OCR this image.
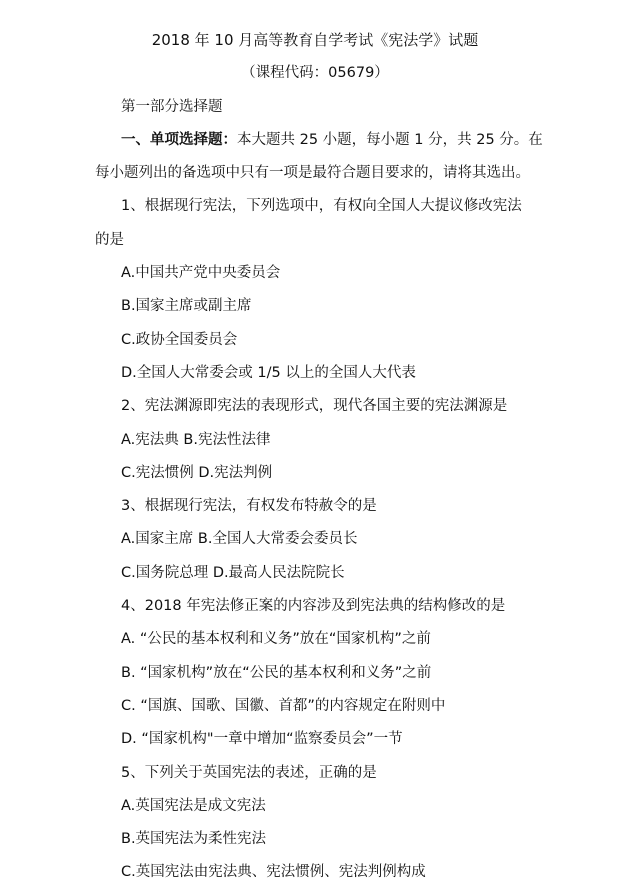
2018 年 10 月高等教育自学考试《宪法学》试题
（课程代码：05679）
第一部分选择题
一、单项选择题：本大题共 25 小题，每小题 1 分，共 25 分。在
每小题列出的备选项中只有一项是最符合题目要求的，请将其选出。
1、根据现行宪法，下列选项中，有权向全国人大提议修改宪法
的是
A.中国共产党中央委员会
B.国家主席或副主席
C.政协全国委员会
D.全国人大常委会或 1/5 以上的全国人大代表
2、宪法渊源即宪法的表现形式，现代各国主要的宪法渊源是
A.宪法典 B.宪法性法律
C.宪法惯例 D.宪法判例
3、根据现行宪法，有权发布特赦令的是
A.国家主席 B.全国人大常委会委员长
C.国务院总理 D.最高人民法院院长
4、2018 年宪法修正案的内容涉及到宪法典的结构修改的是
A. “公民的基本权利和义务”放在“国家机构”之前
B. “国家机构”放在“公民的基本权利和义务”之前
C. “国旗、国歌、国徽、首都”的内容规定在附则中
D. “国家机构"一章中增加“监察委员会”一节
5、下列关于英国宪法的表述，正确的是
A.英国宪法是成文宪法
B.英国宪法为柔性宪法
C.英国宪法由宪法典、宪法惯例、宪法判例构成
